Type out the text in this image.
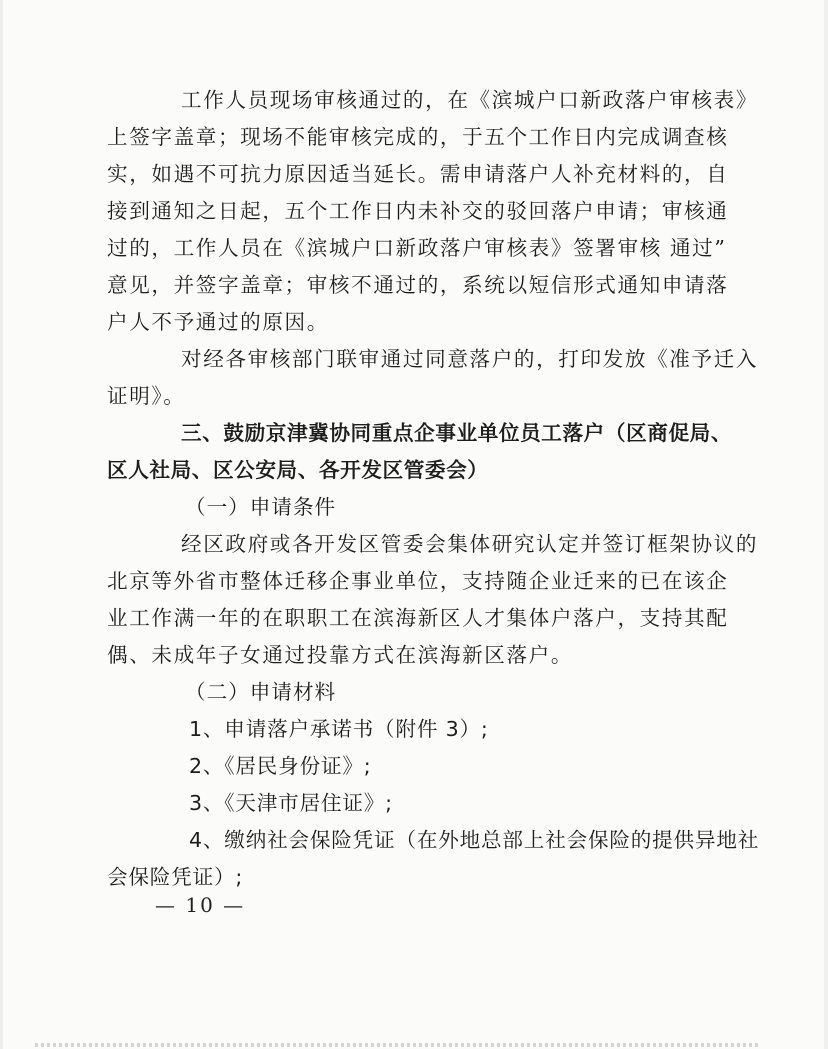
工作人员现场审核通过的，在《滨城户口新政落户审核表》
上签字盖章；现场不能审核完成的，于五个工作日内完成调查核
实，如遇不可抗力原因适当延长。需申请落户人补充材料的，自
接到通知之日起，五个工作日内未补交的驳回落户申请；审核通
过的，工作人员在《滨城户口新政落户审核表》签署审核 通过”
意见，并签字盖章；审核不通过的，系统以短信形式通知申请落
户人不予通过的原因。
对经各审核部门联审通过同意落户的，打印发放《准予迁入
证明》。
三、鼓励京津冀协同重点企事业单位员工落户（区商促局、
区人社局、区公安局、各开发区管委会）
（一）申请条件
经区政府或各开发区管委会集体研究认定并签订框架协议的
北京等外省市整体迁移企事业单位，支持随企业迁来的已在该企
业工作满一年的在职职工在滨海新区人才集体户落户，支持其配
偶、未成年子女通过投靠方式在滨海新区落户。
（二）申请材料
1、申请落户承诺书（附件 3）;
2、《居民身份证》;
3、《天津市居住证》;
4、缴纳社会保险凭证（在外地总部上社会保险的提供异地社
会保险凭证）;
— 10 —
